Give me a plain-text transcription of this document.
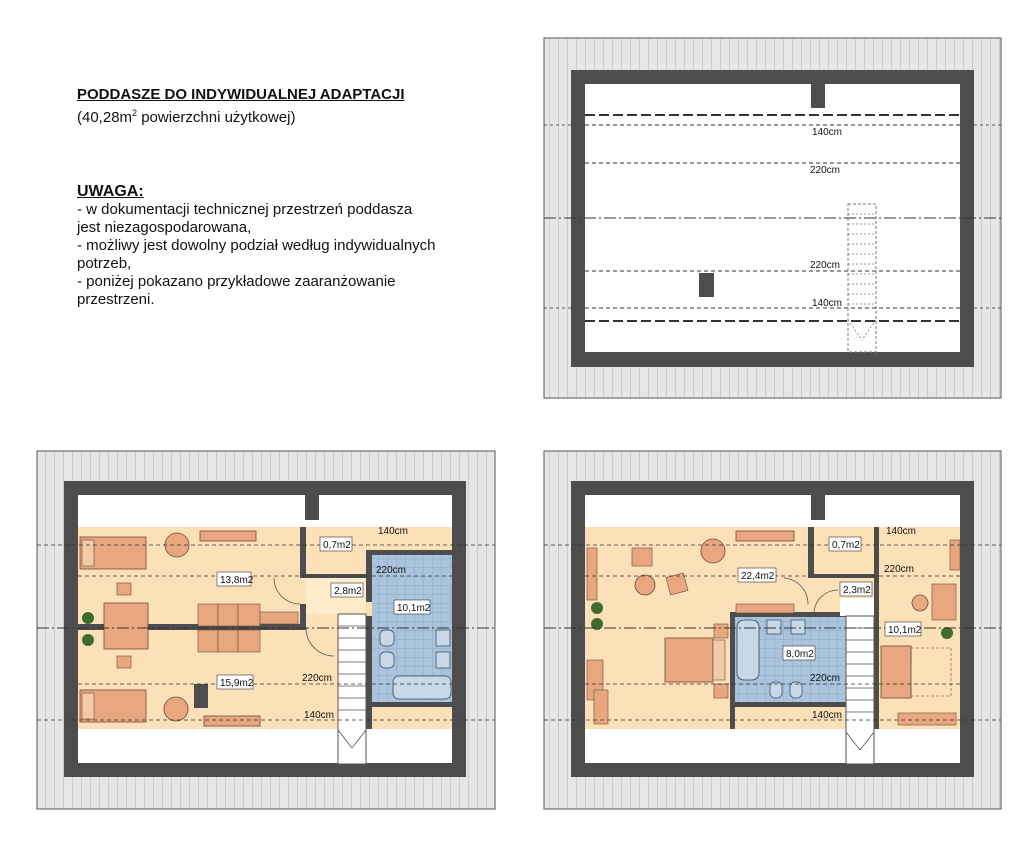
PODDASZE DO INDYWIDUALNEJ ADAPTACJI
($40,28m^2$ powierzchni użytkowej)
UWAGA:
- w dokumentacji technicznej przestrzeń poddasza
jest niezagospodarowana,
- możliwy jest dowolny podział według indywidualnych
potrzeb,
- poniżej pokazano przykładowe zaaranżowanie
przestrzeni.
140cm
220cm
220cm
140cm
0,7m2
13,8m2
2,8m2
10,1m2
15,9m2
140cm
220cm
220cm
140cm
0,7m2
22,4m2
2,3m2
8,0m2
10,1m2
140cm
220cm
220cm
140cm
